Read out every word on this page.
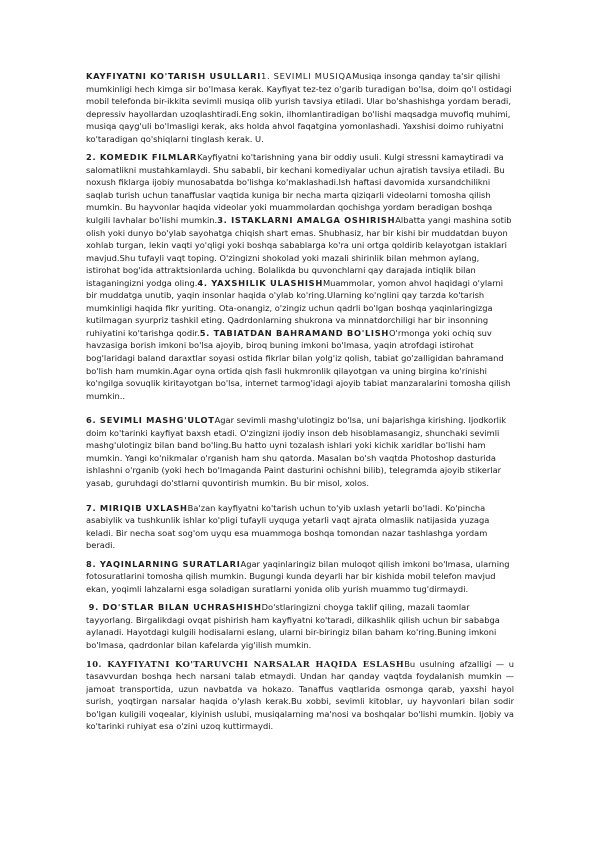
KAYFIYATNI KO'TARISH USULLARI1. SEVIMLI MUSIQAMusiqa insonga qanday ta'sir qilishi mumkinligi hech kimga sir bo'lmasa kerak. Kayfiyat tez-tez o'garib turadigan bo'lsa, doim qo'l ostidagi mobil telefonda bir-ikkita sevimli musiqa olib yurish tavsiya etiladi. Ular bo'shashishga yordam beradi, depressiv hayollardan uzoqlashtiradi.Eng sokin, ilhomlantiradigan bo'lishi maqsadga muvofiq muhimi, musiqa qayg'uli bo'lmasligi kerak, aks holda ahvol faqatgina yomonlashadi. Yaxshisi doimo ruhiyatni ko'taradigan qo'shiqlarni tinglash kerak. U.

2. KOMEDIK FILMLARKayfiyatni ko'tarishning yana bir oddiy usuli. Kulgi stressni kamaytiradi va salomatlikni mustahkamlaydi. Shu sababli, bir kechani komediyalar uchun ajratish tavsiya etiladi. Bu noxush fiklarga ijobiy munosabatda bo'lishga ko'maklashadi.Ish haftasi davomida xursandchilikni saqlab turish uchun tanaffuslar vaqtida kuniga bir necha marta qiziqarli videolarni tomosha qilish mumkin. Bu hayvonlar haqida videolar yoki muammolardan qochishga yordam beradigan boshqa kulgili lavhalar bo'lishi mumkin.3. ISTAKLARNI AMALGA OSHIRISHAlbatta yangi mashina sotib olish yoki dunyo bo'ylab sayohatga chiqish shart emas. Shubhasiz, har bir kishi bir muddatdan buyon xohlab turgan, lekin vaqti yo'qligi yoki boshqa sabablarga ko'ra uni ortga qoldirib kelayotgan istaklari mavjud.Shu tufayli vaqt toping. O'zingizni shokolad yoki mazali shirinlik bilan mehmon aylang, istirohat bog'ida attraktsionlarda uching. Bolalikda bu quvonchlarni qay darajada intiqlik bilan istaganingizni yodga oling.4. YAXSHILIK ULASHISHMuammolar, yomon ahvol haqidagi o'ylarni bir muddatga unutib, yaqin insonlar haqida o'ylab ko'ring.Ularning ko'nglini qay tarzda ko'tarish mumkinligi haqida fikr yuriting. Ota-onangiz, o'zingiz uchun qadrli bo'lgan boshqa yaqinlaringizga kutilmagan syurpriz tashkil eting. Qadrdonlarning shukrona va minnatdorchiligi har bir insonning ruhiyatini ko'tarishga qodir.5. TABIATDAN BAHRAMAND BO'LISHO'rmonga yoki ochiq suv havzasiga borish imkoni bo'lsa ajoyib, biroq buning imkoni bo'lmasa, yaqin atrofdagi istirohat bog'laridagi baland daraxtlar soyasi ostida fikrlar bilan yolg'iz qolish, tabiat go'zalligidan bahramand bo'lish ham mumkin.Agar oyna ortida qish fasli hukmronlik qilayotgan va uning birgina ko'rinishi ko'ngilga sovuqlik kiritayotgan bo'lsa, internet tarmog'idagi ajoyib tabiat manzaralarini tomosha qilish mumkin..

6. SEVIMLI MASHG'ULOTAgar sevimli mashg'ulotingiz bo'lsa, uni bajarishga kirishing. Ijodkorlik doim ko'tarinki kayfiyat baxsh etadi. O'zingizni ijodiy inson deb hisoblamasangiz, shunchaki sevimli mashg'ulotingiz bilan band bo'ling.Bu hatto uyni tozalash ishlari yoki kichik xaridlar bo'lishi ham mumkin. Yangi ko'nikmalar o'rganish ham shu qatorda. Masalan bo'sh vaqtda Photoshop dasturida ishlashni o'rganib (yoki hech bo'lmaganda Paint dasturini ochishni bilib), telegramda ajoyib stikerlar yasab, guruhdagi do'stlarni quvontirish mumkin. Bu bir misol, xolos.

7. MIRIQIB UXLASHBa'zan kayfiyatni ko'tarish uchun to'yib uxlash yetarli bo'ladi. Ko'pincha asabiylik va tushkunlik ishlar ko'pligi tufayli uyquga yetarli vaqt ajrata olmaslik natijasida yuzaga keladi. Bir necha soat sog'om uyqu esa muammoga boshqa tomondan nazar tashlashga yordam beradi.

8. YAQINLARNING SURATLARIAgar yaqinlaringiz bilan muloqot qilish imkoni bo'lmasa, ularning fotosuratlarini tomosha qilish mumkin. Bugungi kunda deyarli har bir kishida mobil telefon mavjud ekan, yoqimli lahzalarni esga soladigan suratlarni yonida olib yurish muammo tug'dirmaydi.

9. DO'STLAR BILAN UCHRASHISHDo'stlaringizni choyga taklif qiling, mazali taomlar tayyorlang. Birgalikdagi ovqat pishirish ham kayfiyatni ko'taradi, dilkashlik qilish uchun bir sababga aylanadi. Hayotdagi kulgili hodisalarni eslang, ularni bir-biringiz bilan baham ko'ring.Buning imkoni bo'lmasa, qadrdonlar bilan kafelarda yig'ilish mumkin.

10. KAYFIYATNI KO'TARUVCHI NARSALAR HAQIDA ESLASHBu usulning afzalligi — u tasavvurdan boshqa hech narsani talab etmaydi. Undan har qanday vaqtda foydalanish mumkin — jamoat transportida, uzun navbatda va hokazo. Tanaffus vaqtlarida osmonga qarab, yaxshi hayol surish, yoqtirgan narsalar haqida o'ylash kerak.Bu xobbi, sevimli kitoblar, uy hayvonlari bilan sodir bo'lgan kuligili voqealar, kiyinish uslubi, musiqalarning ma'nosi va boshqalar bo'lishi mumkin. Ijobiy va ko'tarinki ruhiyat esa o'zini uzoq kuttirmaydi.
